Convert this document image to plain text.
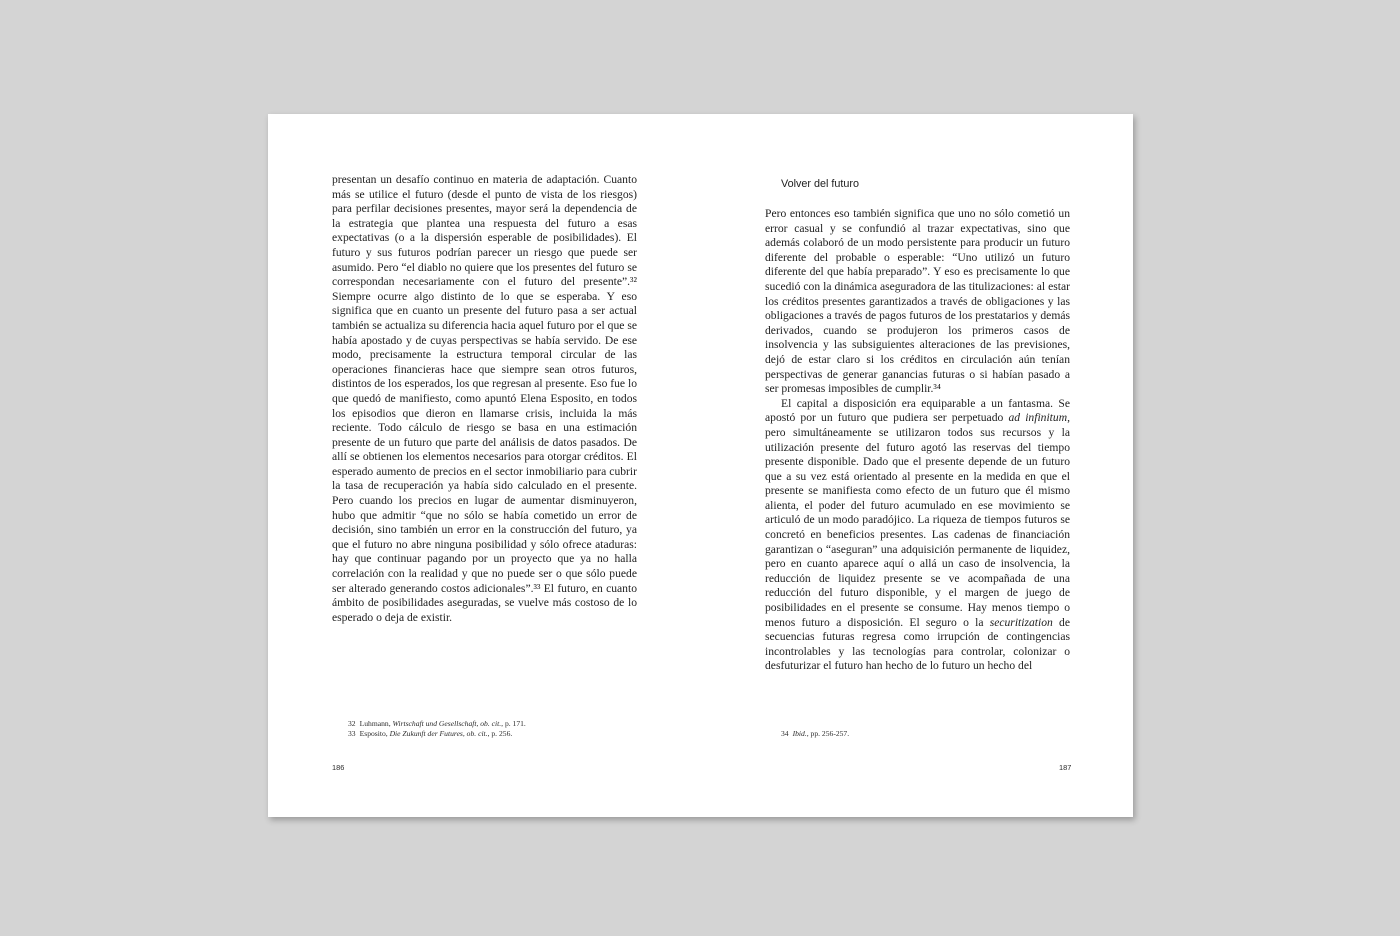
presentan un desafío continuo en materia de adaptación. Cuanto más se utilice el futuro (desde el punto de vista de los riesgos) para perfilar decisiones presentes, mayor será la dependencia de la estrategia que plantea una respuesta del futuro a esas expectativas (o a la dispersión esperable de posibilidades). El futuro y sus futuros podrían parecer un riesgo que puede ser asumido. Pero “el diablo no quiere que los presentes del futuro se correspondan necesariamente con el futuro del presente”.³² Siempre ocurre algo distinto de lo que se esperaba. Y eso significa que en cuanto un presente del futuro pasa a ser actual también se actualiza su diferencia hacia aquel futuro por el que se había apostado y de cuyas perspectivas se había servido. De ese modo, precisamente la estructura temporal circular de las operaciones financieras hace que siempre sean otros futuros, distintos de los esperados, los que regresan al presente. Eso fue lo que quedó de manifiesto, como apuntó Elena Esposito, en todos los episodios que dieron en llamarse crisis, incluida la más reciente. Todo cálculo de riesgo se basa en una estimación presente de un futuro que parte del análisis de datos pasados. De allí se obtienen los elementos necesarios para otorgar créditos. El esperado aumento de precios en el sector inmobiliario para cubrir la tasa de recuperación ya había sido calculado en el presente. Pero cuando los precios en lugar de aumentar disminuyeron, hubo que admitir “que no sólo se había cometido un error de decisión, sino también un error en la construcción del futuro, ya que el futuro no abre ninguna posibilidad y sólo ofrece ataduras: hay que continuar pagando por un proyecto que ya no halla correlación con la realidad y que no puede ser o que sólo puede ser alterado generando costos adicionales”.³³ El futuro, en cuanto ámbito de posibilidades aseguradas, se vuelve más costoso de lo esperado o deja de existir.

32 Luhmann, Wirtschaft und Gesellschaft, ob. cit., p. 171.
33 Esposito, Die Zukunft der Futures, ob. cit., p. 256.
186
Volver del futuro

Pero entonces eso también significa que uno no sólo cometió un error casual y se confundió al trazar expectativas, sino que además colaboró de un modo persistente para producir un futuro diferente del probable o esperable: “Uno utilizó un futuro diferente del que había preparado”. Y eso es precisamente lo que sucedió con la dinámica aseguradora de las titulizaciones: al estar los créditos presentes garantizados a través de obligaciones y las obligaciones a través de pagos futuros de los prestatarios y demás derivados, cuando se produjeron los primeros casos de insolvencia y las subsiguientes alteraciones de las previsiones, dejó de estar claro si los créditos en circulación aún tenían perspectivas de generar ganancias futuras o si habían pasado a ser promesas imposibles de cumplir.³⁴

El capital a disposición era equiparable a un fantasma. Se apostó por un futuro que pudiera ser perpetuado ad infinitum, pero simultáneamente se utilizaron todos sus recursos y la utilización presente del futuro agotó las reservas del tiempo presente disponible. Dado que el presente depende de un futuro que a su vez está orientado al presente en la medida en que el presente se manifiesta como efecto de un futuro que él mismo alienta, el poder del futuro acumulado en ese movimiento se articuló de un modo paradójico. La riqueza de tiempos futuros se concretó en beneficios presentes. Las cadenas de financiación garantizan o “aseguran” una adquisición permanente de liquidez, pero en cuanto aparece aquí o allá un caso de insolvencia, la reducción de liquidez presente se ve acompañada de una reducción del futuro disponible, y el margen de juego de posibilidades en el presente se consume. Hay menos tiempo o menos futuro a disposición. El seguro o la securitization de secuencias futuras regresa como irrupción de contingencias incontrolables y las tecnologías para controlar, colonizar o desfuturizar el futuro han hecho de lo futuro un hecho del

34 Ibid., pp. 256-257.
187
